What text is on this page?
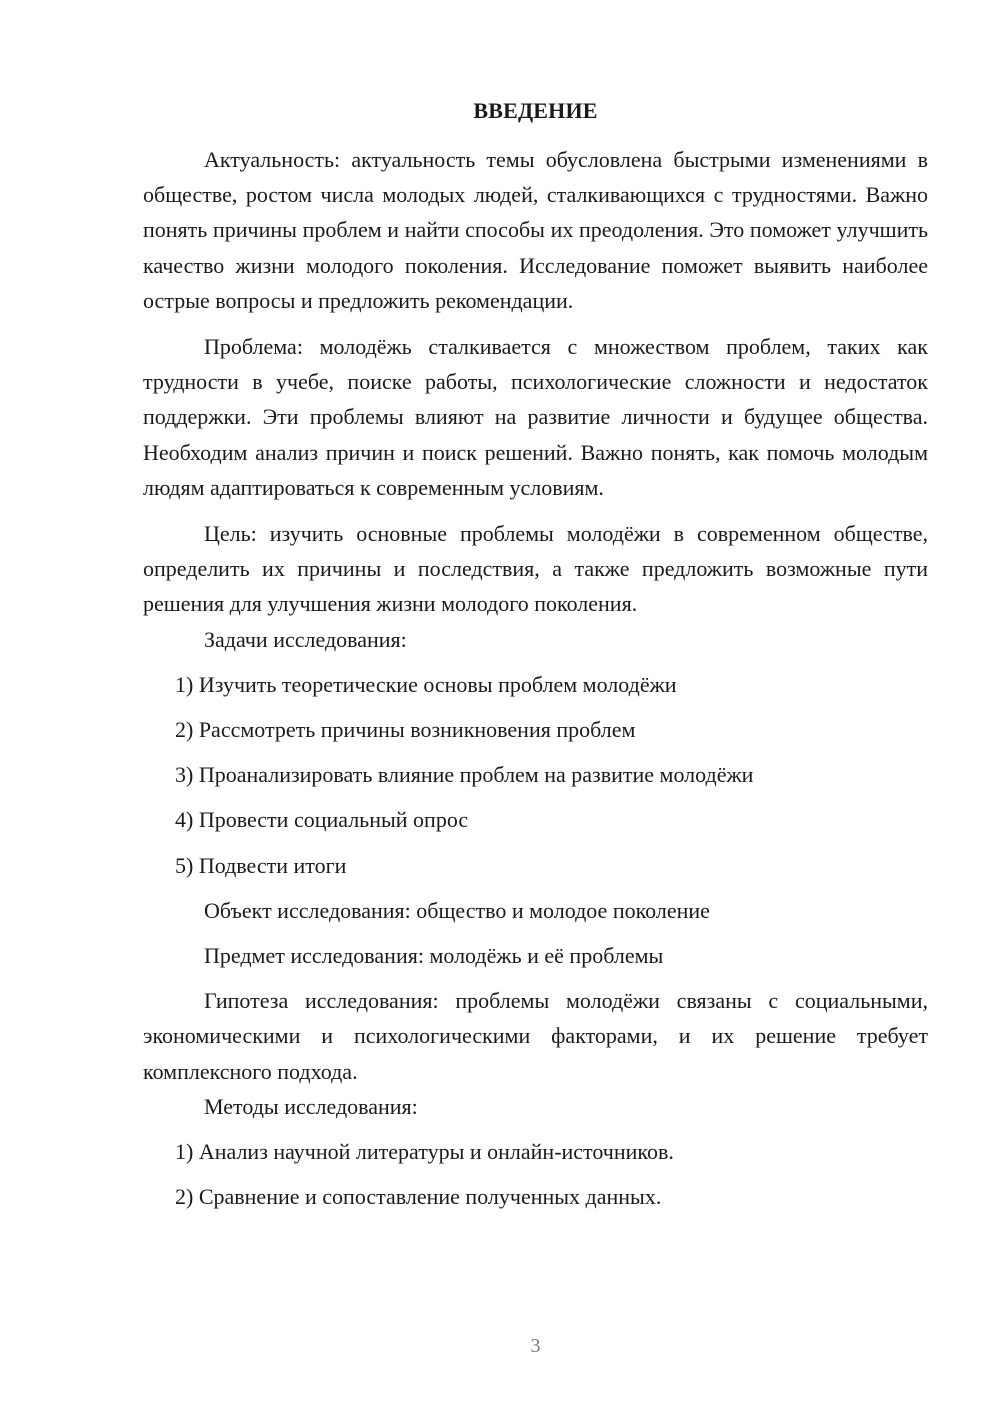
ВВЕДЕНИЕ

Актуальность: актуальность темы обусловлена быстрыми изменениями в обществе, ростом числа молодых людей, сталкивающихся с трудностями. Важно понять причины проблем и найти способы их преодоления. Это поможет улучшить качество жизни молодого поколения. Исследование поможет выявить наиболее острые вопросы и предложить рекомендации.

Проблема: молодёжь сталкивается с множеством проблем, таких как трудности в учебе, поиске работы, психологические сложности и недостаток поддержки. Эти проблемы влияют на развитие личности и будущее общества. Необходим анализ причин и поиск решений. Важно понять, как помочь молодым людям адаптироваться к современным условиям.

Цель: изучить основные проблемы молодёжи в современном обществе, определить их причины и последствия, а также предложить возможные пути решения для улучшения жизни молодого поколения.

Задачи исследования:

1) Изучить теоретические основы проблем молодёжи

2) Рассмотреть причины возникновения проблем

3) Проанализировать влияние проблем на развитие молодёжи

4) Провести социальный опрос

5) Подвести итоги

Объект исследования: общество и молодое поколение

Предмет исследования: молодёжь и её проблемы

Гипотеза исследования: проблемы молодёжи связаны с социальными, экономическими и психологическими факторами, и их решение требует комплексного подхода.

Методы исследования:

1) Анализ научной литературы и онлайн-источников.

2) Сравнение и сопоставление полученных данных.

3
